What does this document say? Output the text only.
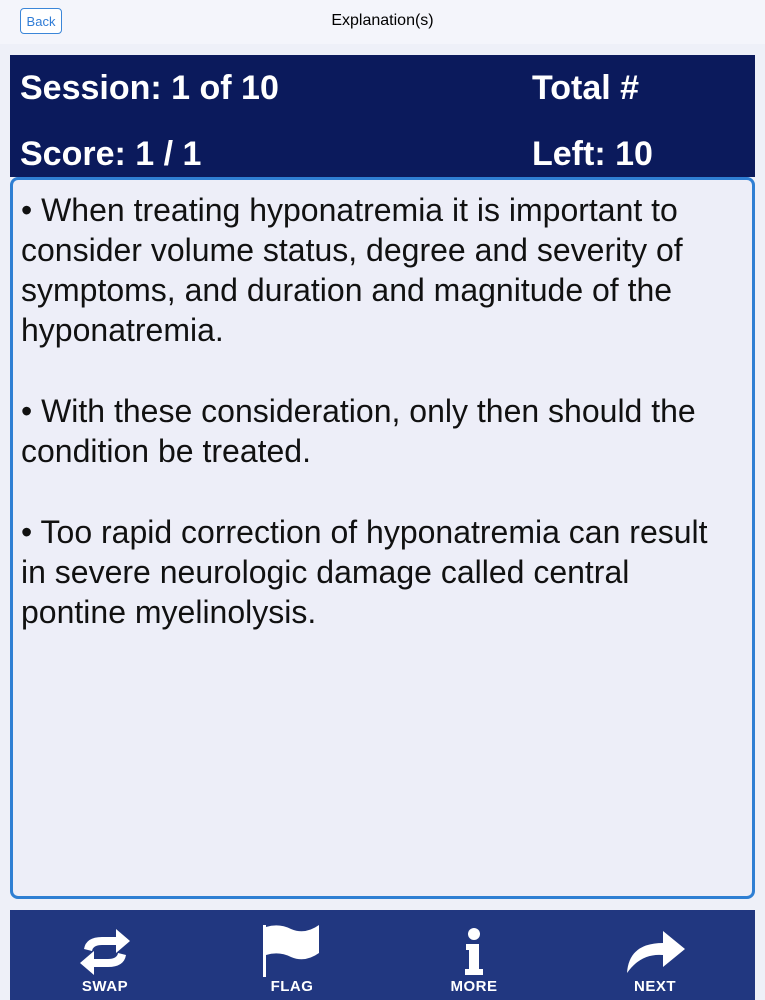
Back	Explanation(s)
Session: 1 of 10	Total #
Score: 1 / 1	Left: 10

• When treating hyponatremia it is important to consider volume status, degree and severity of symptoms, and duration and magnitude of the hyponatremia.

• With these consideration, only then should the condition be treated.

• Too rapid correction of hyponatremia can result in severe neurologic damage called central pontine myelinolysis.

SWAP	FLAG	MORE	NEXT
